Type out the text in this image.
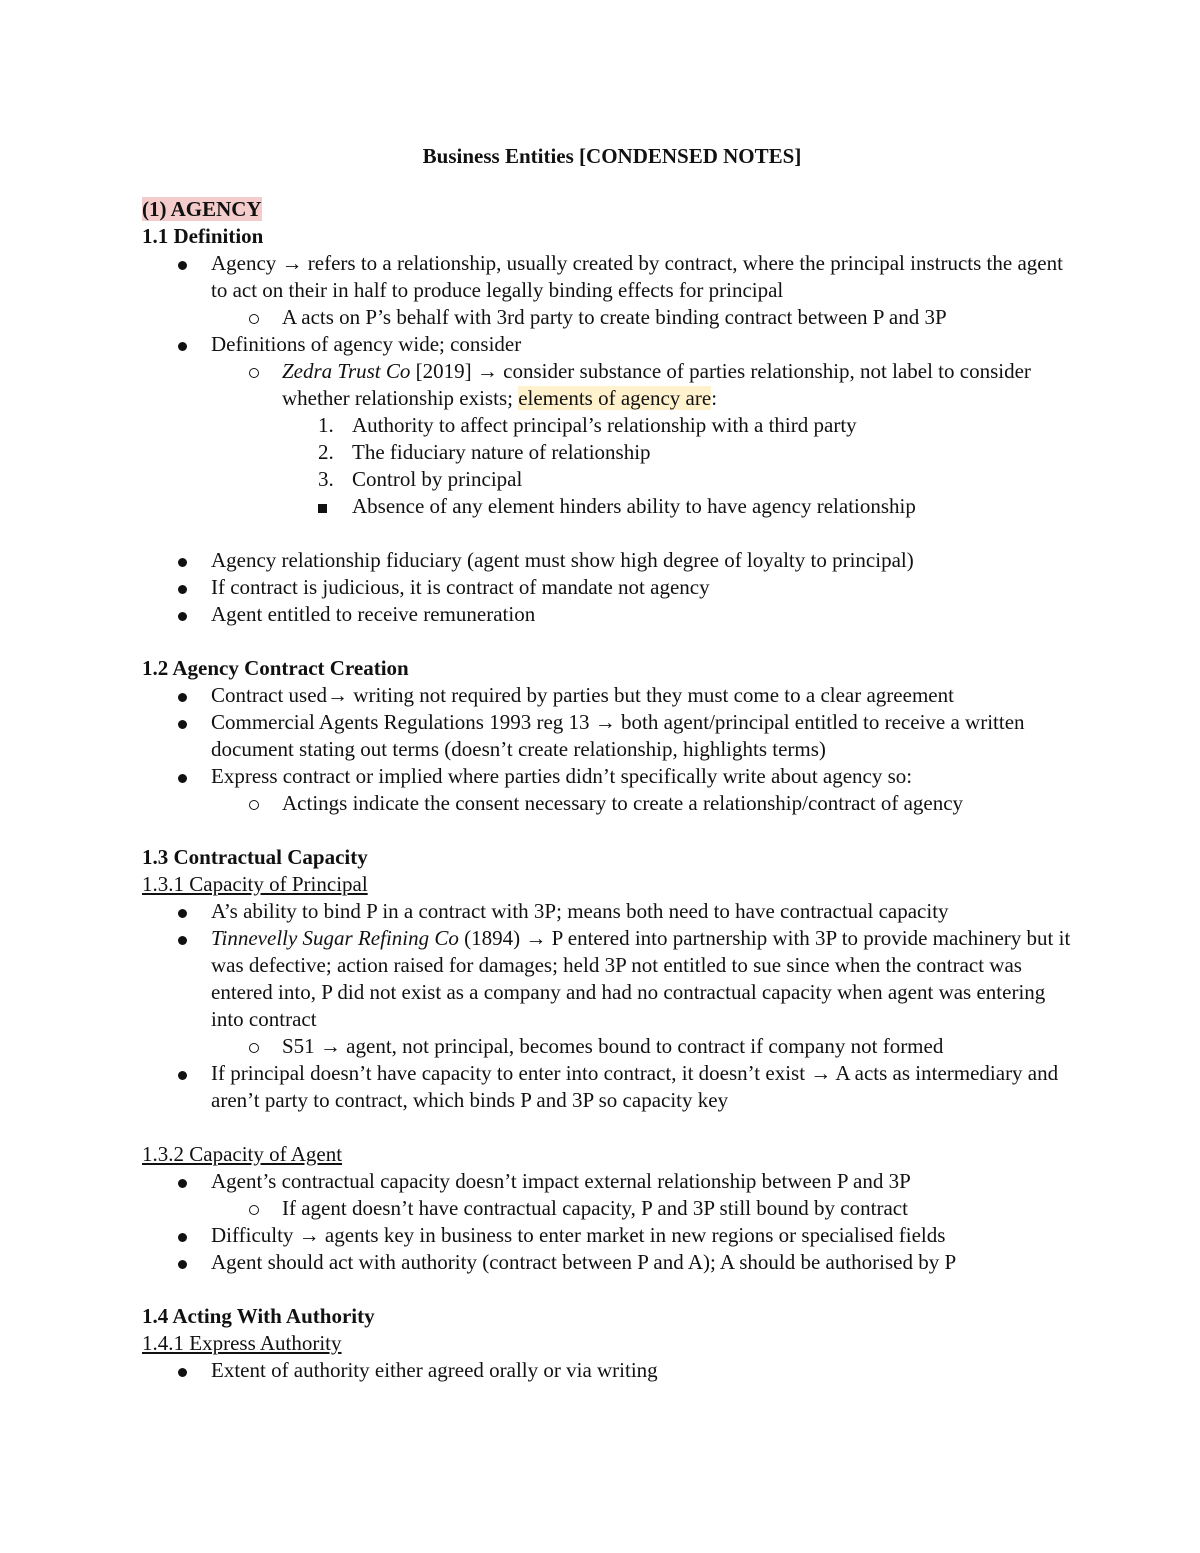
Business Entities [CONDENSED NOTES]
(1) AGENCY
1.1 Definition
Agency → refers to a relationship, usually created by contract, where the principal instructs the agent to act on their in half to produce legally binding effects for principal
A acts on P’s behalf with 3rd party to create binding contract between P and 3P
Definitions of agency wide; consider
Zedra Trust Co [2019] → consider substance of parties relationship, not label to consider whether relationship exists; elements of agency are:
1. Authority to affect principal’s relationship with a third party
2. The fiduciary nature of relationship
3. Control by principal
Absence of any element hinders ability to have agency relationship
Agency relationship fiduciary (agent must show high degree of loyalty to principal)
If contract is judicious, it is contract of mandate not agency
Agent entitled to receive remuneration
1.2 Agency Contract Creation
Contract used→ writing not required by parties but they must come to a clear agreement
Commercial Agents Regulations 1993 reg 13 → both agent/principal entitled to receive a written document stating out terms (doesn’t create relationship, highlights terms)
Express contract or implied where parties didn’t specifically write about agency so:
Actings indicate the consent necessary to create a relationship/contract of agency
1.3 Contractual Capacity
1.3.1 Capacity of Principal
A’s ability to bind P in a contract with 3P; means both need to have contractual capacity
Tinnevelly Sugar Refining Co (1894) → P entered into partnership with 3P to provide machinery but it was defective; action raised for damages; held 3P not entitled to sue since when the contract was entered into, P did not exist as a company and had no contractual capacity when agent was entering into contract
S51 → agent, not principal, becomes bound to contract if company not formed
If principal doesn’t have capacity to enter into contract, it doesn’t exist → A acts as intermediary and aren’t party to contract, which binds P and 3P so capacity key
1.3.2 Capacity of Agent
Agent’s contractual capacity doesn’t impact external relationship between P and 3P
If agent doesn’t have contractual capacity, P and 3P still bound by contract
Difficulty → agents key in business to enter market in new regions or specialised fields
Agent should act with authority (contract between P and A); A should be authorised by P
1.4 Acting With Authority
1.4.1 Express Authority
Extent of authority either agreed orally or via writing
